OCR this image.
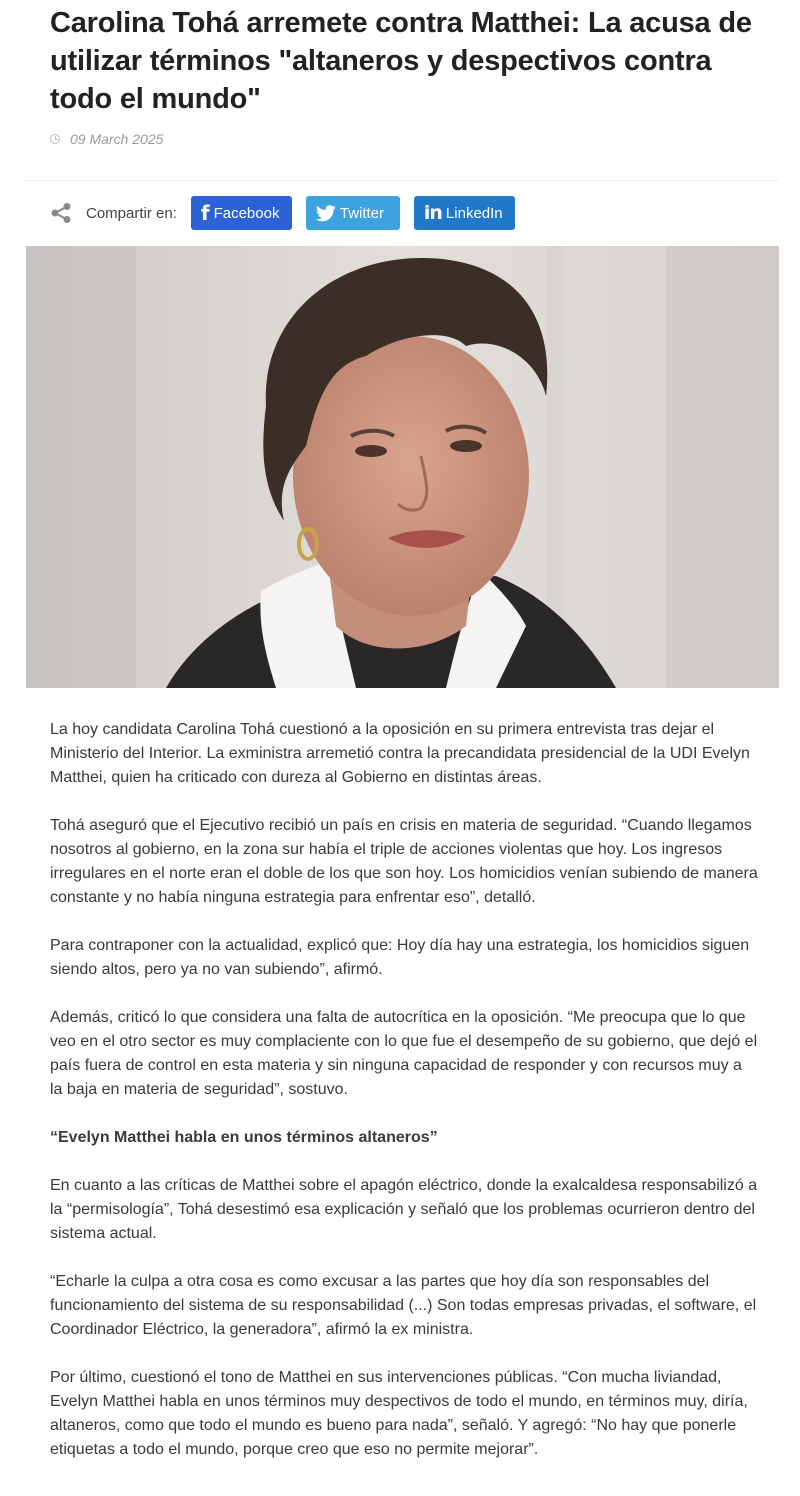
Carolina Tohá arremete contra Matthei: La acusa de utilizar términos "altaneros y despectivos contra todo el mundo"
09 March 2025
Compartir en: f Facebook	Twitter in LinkedIn

La hoy candidata Carolina Tohá cuestionó a la oposición en su primera entrevista tras dejar el Ministerio del Interior. La exministra arremetió contra la precandidata presidencial de la UDI Evelyn Matthei, quien ha criticado con dureza al Gobierno en distintas áreas.

Tohá aseguró que el Ejecutivo recibió un país en crisis en materia de seguridad. “Cuando llegamos nosotros al gobierno, en la zona sur había el triple de acciones violentas que hoy. Los ingresos irregulares en el norte eran el doble de los que son hoy. Los homicidios venían subiendo de manera constante y no había ninguna estrategia para enfrentar eso”, detalló.

Para contraponer con la actualidad, explicó que: Hoy día hay una estrategia, los homicidios siguen siendo altos, pero ya no van subiendo”, afirmó.

Además, criticó lo que considera una falta de autocrítica en la oposición. “Me preocupa que lo que veo en el otro sector es muy complaciente con lo que fue el desempeño de su gobierno, que dejó el país fuera de control en esta materia y sin ninguna capacidad de responder y con recursos muy a la baja en materia de seguridad”, sostuvo.

“Evelyn Matthei habla en unos términos altaneros”

En cuanto a las críticas de Matthei sobre el apagón eléctrico, donde la exalcaldesa responsabilizó a la “permisología”, Tohá desestimó esa explicación y señaló que los problemas ocurrieron dentro del sistema actual.

“Echarle la culpa a otra cosa es como excusar a las partes que hoy día son responsables del funcionamiento del sistema de su responsabilidad (...) Son todas empresas privadas, el software, el Coordinador Eléctrico, la generadora”, afirmó la ex ministra.

Por último, cuestionó el tono de Matthei en sus intervenciones públicas. “Con mucha liviandad, Evelyn Matthei habla en unos términos muy despectivos de todo el mundo, en términos muy, diría, altaneros, como que todo el mundo es bueno para nada”, señaló. Y agregó: “No hay que ponerle etiquetas a todo el mundo, porque creo que eso no permite mejorar”.
